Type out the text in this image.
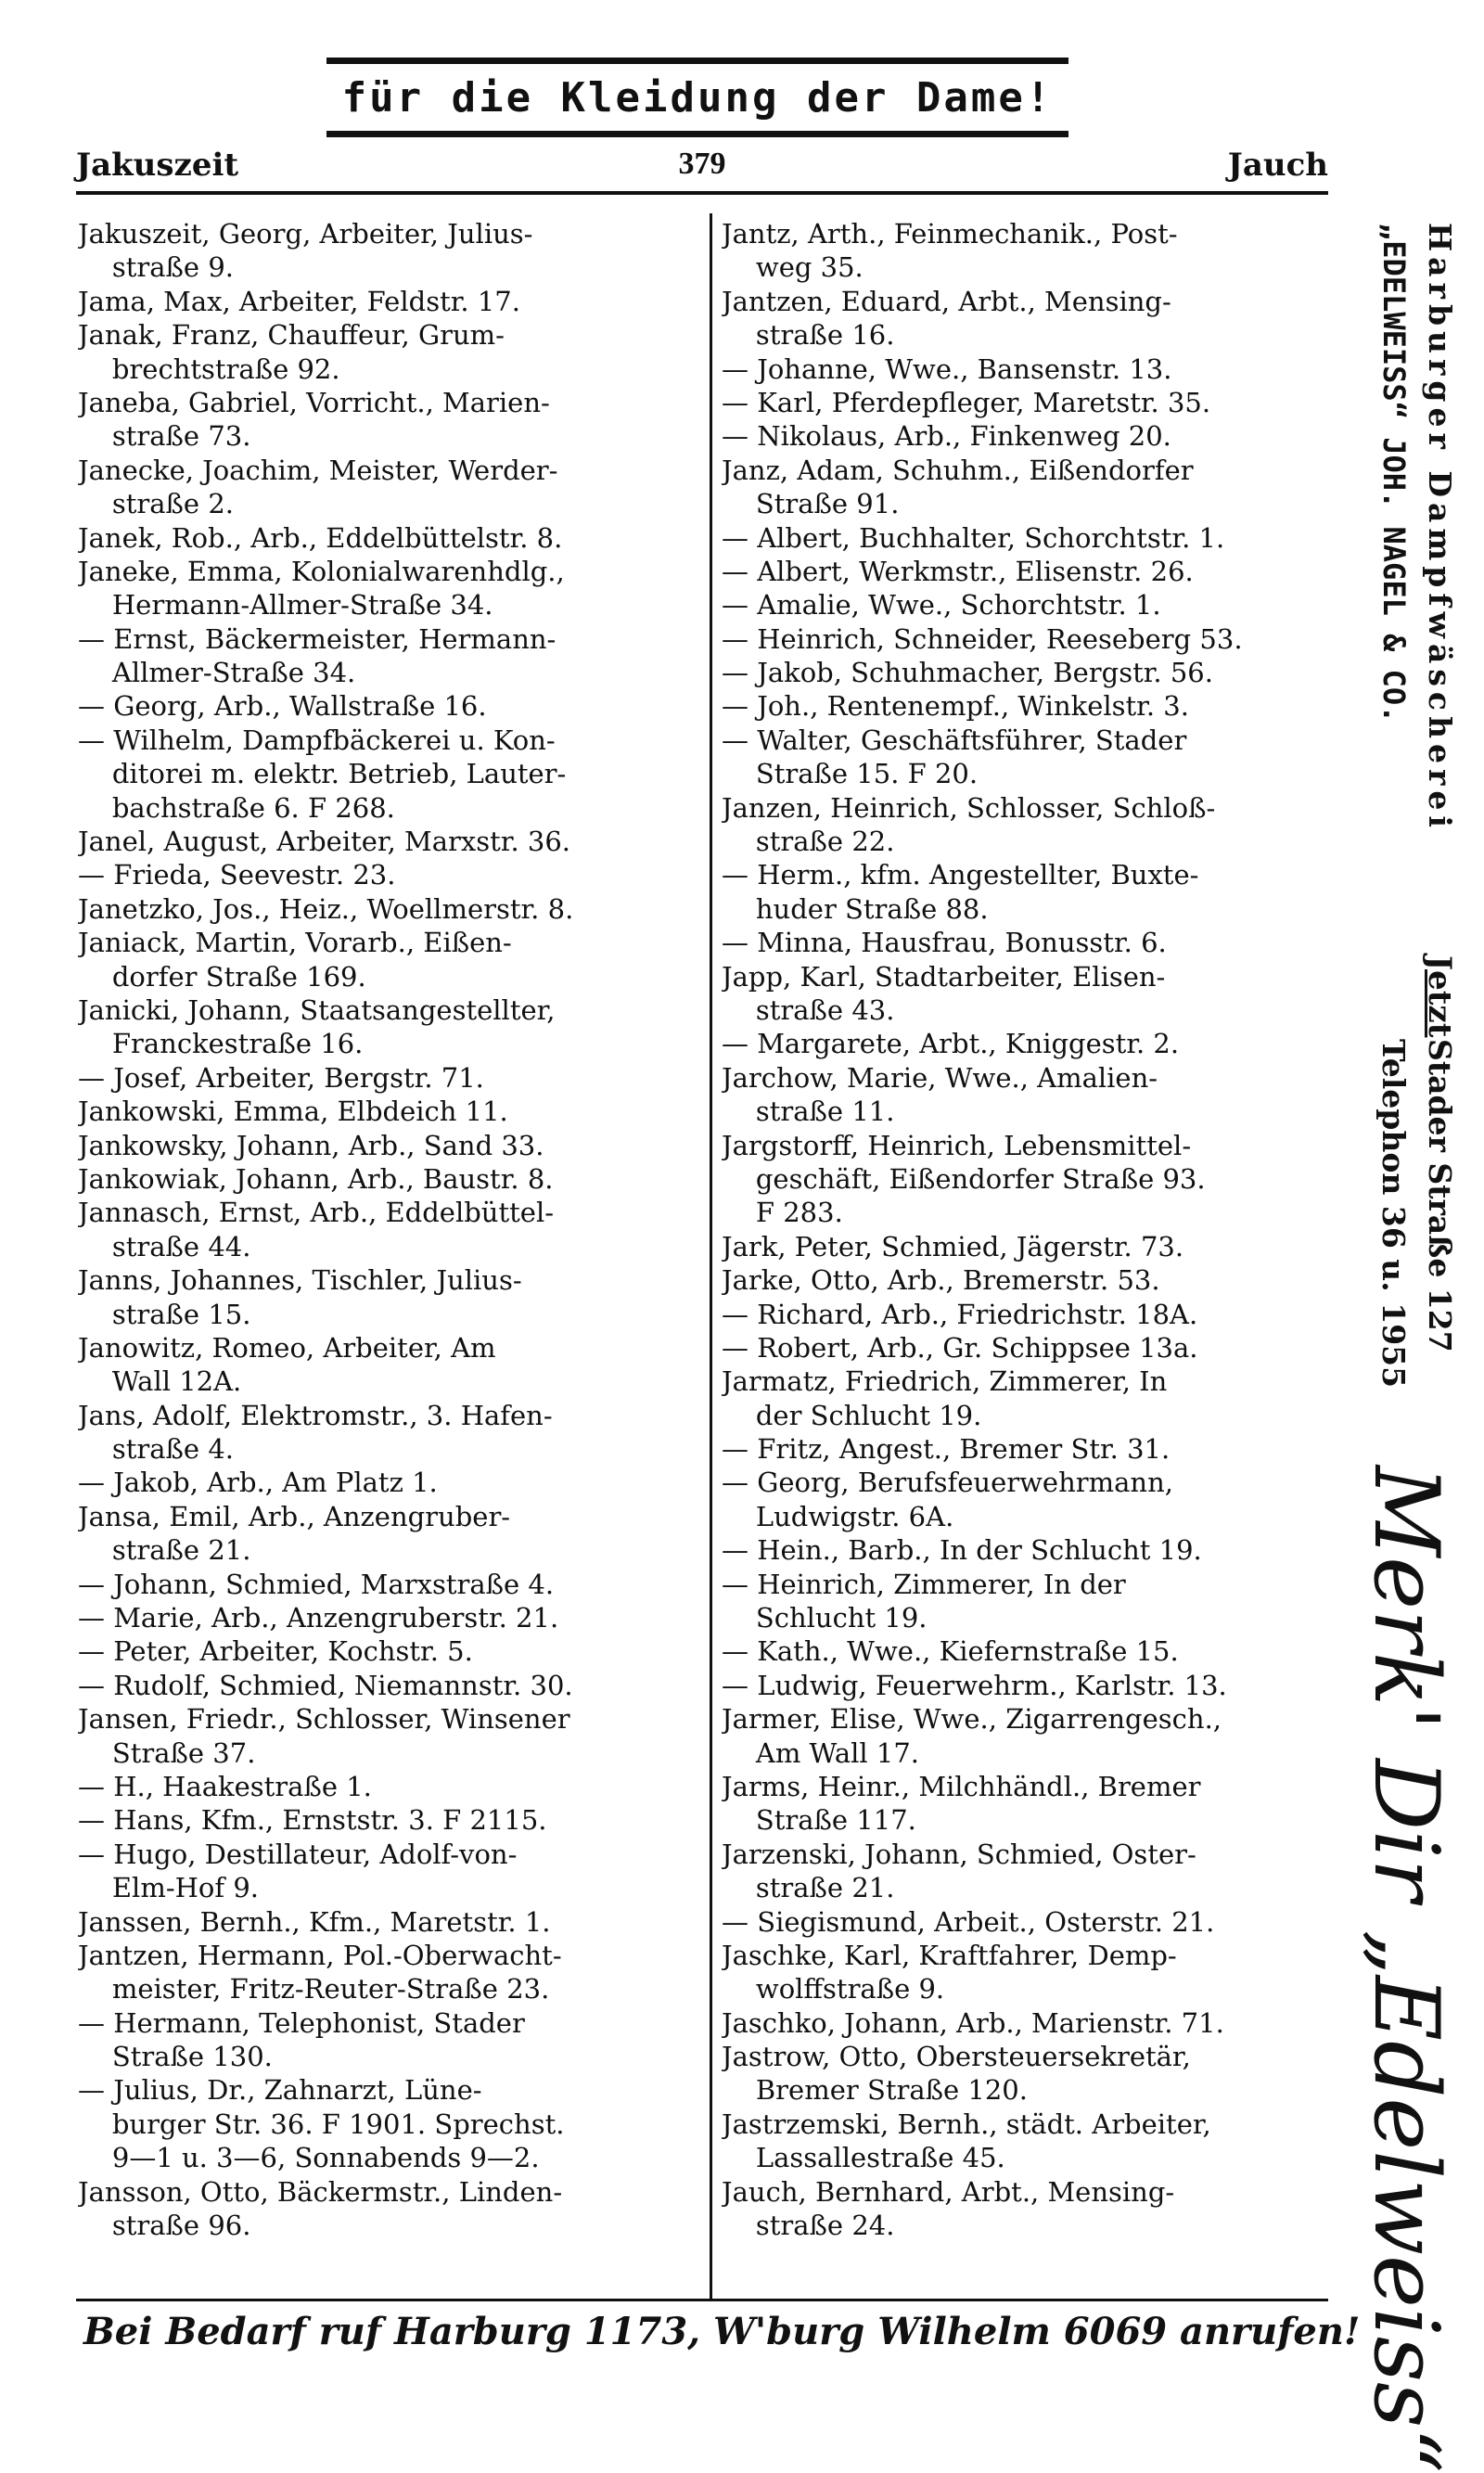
für die Kleidung der Dame!
Jakuszeit	379	Jauch
Jakuszeit, Georg, Arbeiter, Julius-
straße 9.
Jama, Max, Arbeiter, Feldstr. 17.
Janak, Franz, Chauffeur, Grum-
brechtstraße 92.
Janeba, Gabriel, Vorricht., Marien-
straße 73.
Janecke, Joachim, Meister, Werder-
straße 2.
Janek, Rob., Arb., Eddelbüttelstr. 8.
Janeke, Emma, Kolonialwarenhdlg.,
Hermann-Allmer-Straße 34.
— Ernst, Bäckermeister, Hermann-
Allmer-Straße 34.
— Georg, Arb., Wallstraße 16.
— Wilhelm, Dampfbäckerei u. Kon-
ditorei m. elektr. Betrieb, Lauter-
bachstraße 6. F 268.
Janel, August, Arbeiter, Marxstr. 36.
— Frieda, Seevestr. 23.
Janetzko, Jos., Heiz., Woellmerstr. 8.
Janiack, Martin, Vorarb., Eißen-
dorfer Straße 169.
Janicki, Johann, Staatsangestellter,
Franckestraße 16.
— Josef, Arbeiter, Bergstr. 71.
Jankowski, Emma, Elbdeich 11.
Jankowsky, Johann, Arb., Sand 33.
Jankowiak, Johann, Arb., Baustr. 8.
Jannasch, Ernst, Arb., Eddelbüttel-
straße 44.
Janns, Johannes, Tischler, Julius-
straße 15.
Janowitz, Romeo, Arbeiter, Am
Wall 12A.
Jans, Adolf, Elektromstr., 3. Hafen-
straße 4.
— Jakob, Arb., Am Platz 1.
Jansa, Emil, Arb., Anzengruber-
straße 21.
— Johann, Schmied, Marxstraße 4.
— Marie, Arb., Anzengruberstr. 21.
— Peter, Arbeiter, Kochstr. 5.
— Rudolf, Schmied, Niemannstr. 30.
Jansen, Friedr., Schlosser, Winsener
Straße 37.
— H., Haakestraße 1.
— Hans, Kfm., Ernststr. 3. F 2115.
— Hugo, Destillateur, Adolf-von-
Elm-Hof 9.
Janssen, Bernh., Kfm., Maretstr. 1.
Jantzen, Hermann, Pol.-Oberwacht-
meister, Fritz-Reuter-Straße 23.
— Hermann, Telephonist, Stader
Straße 130.
— Julius, Dr., Zahnarzt, Lüne-
burger Str. 36. F 1901. Sprechst.
9—1 u. 3—6, Sonnabends 9—2.
Jansson, Otto, Bäckermstr., Linden-
straße 96.
Jantz, Arth., Feinmechanik., Post-
weg 35.
Jantzen, Eduard, Arbt., Mensing-
straße 16.
— Johanne, Wwe., Bansenstr. 13.
— Karl, Pferdepfleger, Maretstr. 35.
— Nikolaus, Arb., Finkenweg 20.
Janz, Adam, Schuhm., Eißendorfer
Straße 91.
— Albert, Buchhalter, Schorchtstr. 1.
— Albert, Werkmstr., Elisenstr. 26.
— Amalie, Wwe., Schorchtstr. 1.
— Heinrich, Schneider, Reeseberg 53.
— Jakob, Schuhmacher, Bergstr. 56.
— Joh., Rentenempf., Winkelstr. 3.
— Walter, Geschäftsführer, Stader
Straße 15. F 20.
Janzen, Heinrich, Schlosser, Schloß-
straße 22.
— Herm., kfm. Angestellter, Buxte-
huder Straße 88.
— Minna, Hausfrau, Bonusstr. 6.
Japp, Karl, Stadtarbeiter, Elisen-
straße 43.
— Margarete, Arbt., Kniggestr. 2.
Jarchow, Marie, Wwe., Amalien-
straße 11.
Jargstorff, Heinrich, Lebensmittel-
geschäft, Eißendorfer Straße 93.
F 283.
Jark, Peter, Schmied, Jägerstr. 73.
Jarke, Otto, Arb., Bremerstr. 53.
— Richard, Arb., Friedrichstr. 18A.
— Robert, Arb., Gr. Schippsee 13a.
Jarmatz, Friedrich, Zimmerer, In
der Schlucht 19.
— Fritz, Angest., Bremer Str. 31.
— Georg, Berufsfeuerwehrmann,
Ludwigstr. 6A.
— Hein., Barb., In der Schlucht 19.
— Heinrich, Zimmerer, In der
Schlucht 19.
— Kath., Wwe., Kiefernstraße 15.
— Ludwig, Feuerwehrm., Karlstr. 13.
Jarmer, Elise, Wwe., Zigarrengesch.,
Am Wall 17.
Jarms, Heinr., Milchhändl., Bremer
Straße 117.
Jarzenski, Johann, Schmied, Oster-
straße 21.
— Siegismund, Arbeit., Osterstr. 21.
Jaschke, Karl, Kraftfahrer, Demp-
wolffstraße 9.
Jaschko, Johann, Arb., Marienstr. 71.
Jastrow, Otto, Obersteuersekretär,
Bremer Straße 120.
Jastrzemski, Bernh., städt. Arbeiter,
Lassallestraße 45.
Jauch, Bernhard, Arbt., Mensing-
straße 24.
Harburger Dampfwäscherei
„EDELWEISS“ JOH. NAGEL & CO.
Jetzt
Stader Straße 127
Telephon 36 u. 1955
Merk' Dir „Edelweiss“
Bei Bedarf ruf Harburg 1173, W'burg Wilhelm 6069 anrufen!
